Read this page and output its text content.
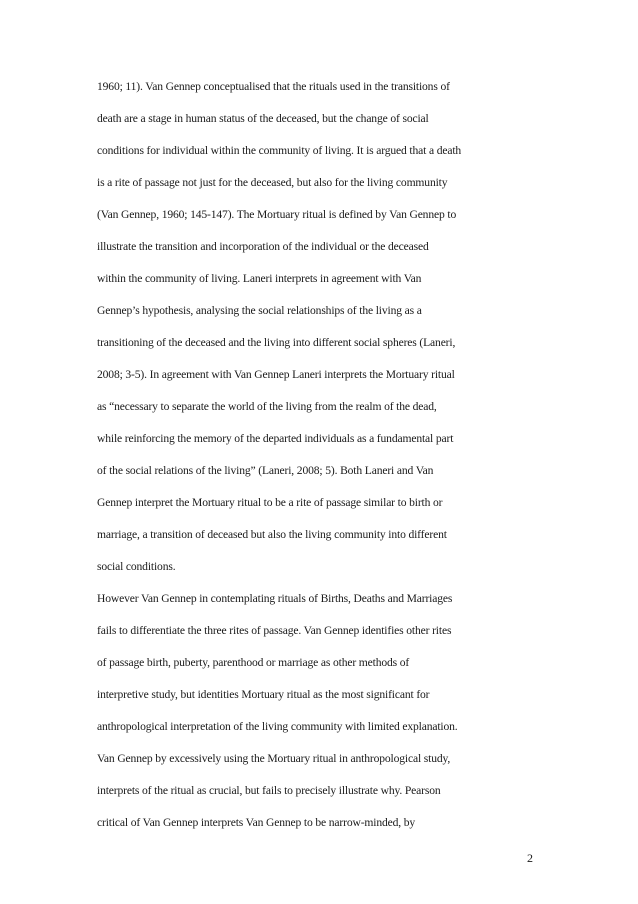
1960; 11). Van Gennep conceptualised that the rituals used in the transitions of
death are a stage in human status of the deceased, but the change of social
conditions for individual within the community of living. It is argued that a death
is a rite of passage not just for the deceased, but also for the living community
(Van Gennep, 1960; 145-147). The Mortuary ritual is defined by Van Gennep to
illustrate the transition and incorporation of the individual or the deceased
within the community of living. Laneri interprets in agreement with Van
Gennep’s hypothesis, analysing the social relationships of the living as a
transitioning of the deceased and the living into different social spheres (Laneri,
2008; 3-5). In agreement with Van Gennep Laneri interprets the Mortuary ritual
as “necessary to separate the world of the living from the realm of the dead,
while reinforcing the memory of the departed individuals as a fundamental part
of the social relations of the living” (Laneri, 2008; 5). Both Laneri and Van
Gennep interpret the Mortuary ritual to be a rite of passage similar to birth or
marriage, a transition of deceased but also the living community into different
social conditions.
However Van Gennep in contemplating rituals of Births, Deaths and Marriages
fails to differentiate the three rites of passage. Van Gennep identifies other rites
of passage birth, puberty, parenthood or marriage as other methods of
interpretive study, but identities Mortuary ritual as the most significant for
anthropological interpretation of the living community with limited explanation.
Van Gennep by excessively using the Mortuary ritual in anthropological study,
interprets of the ritual as crucial, but fails to precisely illustrate why. Pearson
critical of Van Gennep interprets Van Gennep to be narrow-minded, by
2
